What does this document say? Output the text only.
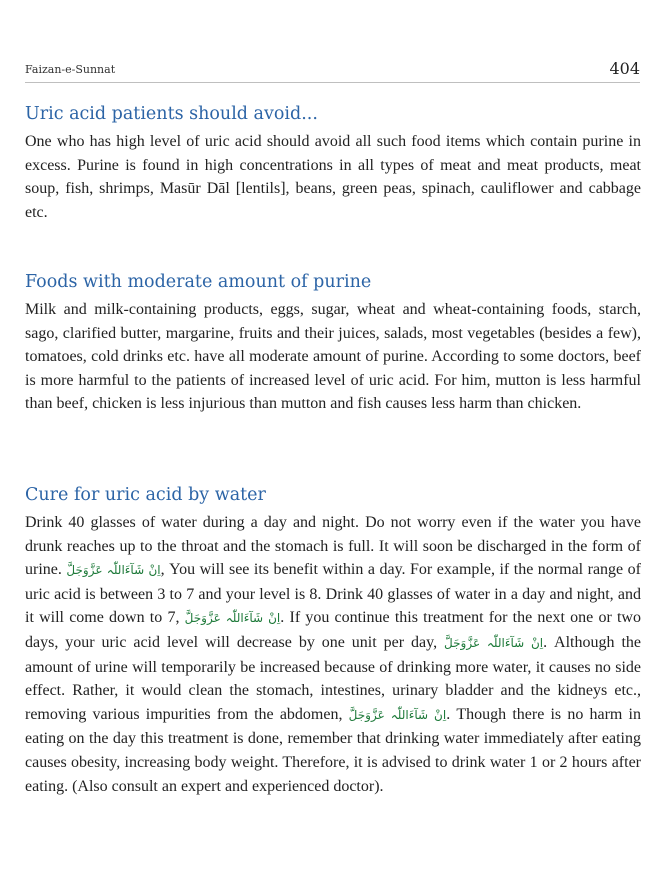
Faizan-e-Sunnat	404
Uric acid patients should avoid...

One who has high level of uric acid should avoid all such food items which contain purine in excess. Purine is found in high concentrations in all types of meat and meat products, meat soup, fish, shrimps, Masūr Dāl [lentils], beans, green peas, spinach, cauliflower and cabbage etc.

Foods with moderate amount of purine

Milk and milk-containing products, eggs, sugar, wheat and wheat-containing foods, starch, sago, clarified butter, margarine, fruits and their juices, salads, most vegetables (besides a few), tomatoes, cold drinks etc. have all moderate amount of purine. According to some doctors, beef is more harmful to the patients of increased level of uric acid. For him, mutton is less harmful than beef, chicken is less injurious than mutton and fish causes less harm than chicken.

Cure for uric acid by water

Drink 40 glasses of water during a day and night. Do not worry even if the water you have drunk reaches up to the throat and the stomach is full. It will soon be discharged in the form of urine. اِنْ شَآءَاللّٰہ عَزَّوَجَلَّ, You will see its benefit within a day. For example, if the normal range of uric acid is between 3 to 7 and your level is 8. Drink 40 glasses of water in a day and night, and it will come down to 7, اِنْ شَآءَاللّٰہ عَزَّوَجَلَّ. If you continue this treatment for the next one or two days, your uric acid level will decrease by one unit per day, اِنْ شَآءَاللّٰہ عَزَّوَجَلَّ. Although the amount of urine will temporarily be increased because of drinking more water, it causes no side effect. Rather, it would clean the stomach, intestines, urinary bladder and the kidneys etc., removing various impurities from the abdomen, اِنْ شَآءَاللّٰہ عَزَّوَجَلَّ. Though there is no harm in eating on the day this treatment is done, remember that drinking water immediately after eating causes obesity, increasing body weight. Therefore, it is advised to drink water 1 or 2 hours after eating. (Also consult an expert and experienced doctor).
